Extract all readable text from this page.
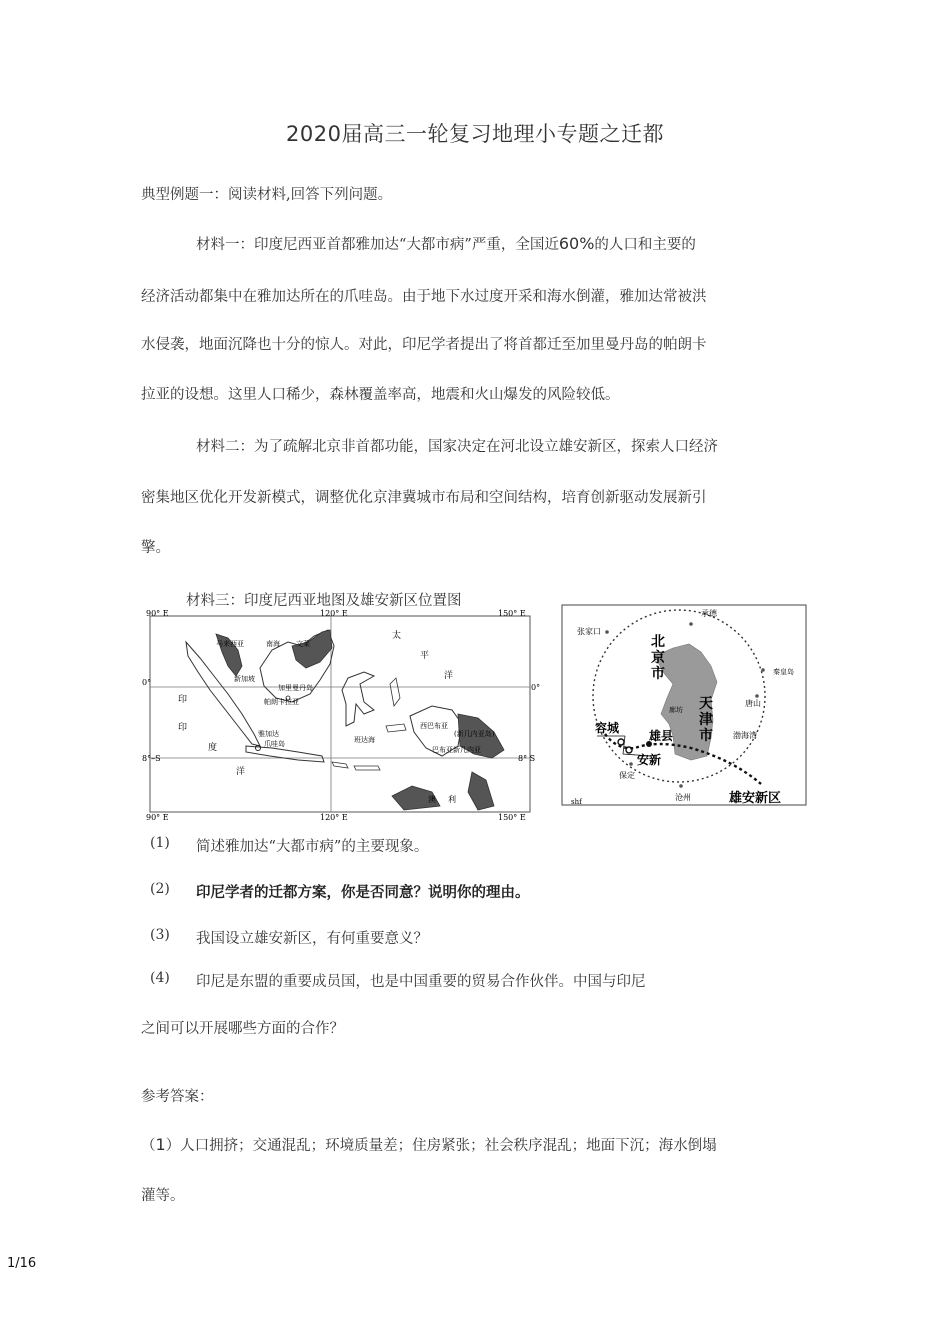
2020届高三一轮复习地理小专题之迁都
典型例题一：阅读材料,回答下列问题。
材料一：印度尼西亚首都雅加达“大都市病”严重，全国近60%的人口和主要的
经济活动都集中在雅加达所在的爪哇岛。由于地下水过度开采和海水倒灌，雅加达常被洪
水侵袭，地面沉降也十分的惊人。对此，印尼学者提出了将首都迁至加里曼丹岛的帕朗卡
拉亚的设想。这里人口稀少，森林覆盖率高，地震和火山爆发的风险较低。
材料二：为了疏解北京非首都功能，国家决定在河北设立雄安新区，探索人口经济
密集地区优化开发新模式，调整优化京津冀城市布局和空间结构，培育创新驱动发展新引
擎。
材料三：印度尼西亚地图及雄安新区位置图
90° E	120° E	150° E
90° E	120° E	150° E
0°
8°–S
0°
8° S
马来西亚	南海 文莱
新加坡
加里曼丹岛
帕朗卡拉亚
雅加达
爪哇岛	班达海
西巴布亚
(新几内亚岛)
巴布亚新几内亚
澳 利
太
平
洋
印
印
度
洋
承德
张家口
秦皇岛
唐山
廊坊
渤海湾
保定
沧州
shf
北
京
市
天
津
市
容城
雄县
安新
雄安新区
(1) 简述雅加达“大都市病”的主要现象。
(2) 印尼学者的迁都方案，你是否同意？说明你的理由。
(3) 我国设立雄安新区，有何重要意义？
(4) 印尼是东盟的重要成员国，也是中国重要的贸易合作伙伴。中国与印尼
之间可以开展哪些方面的合作？
参考答案：
（1）人口拥挤；交通混乱；环境质量差；住房紧张；社会秩序混乱；地面下沉；海水倒塌
灌等。
1/16
